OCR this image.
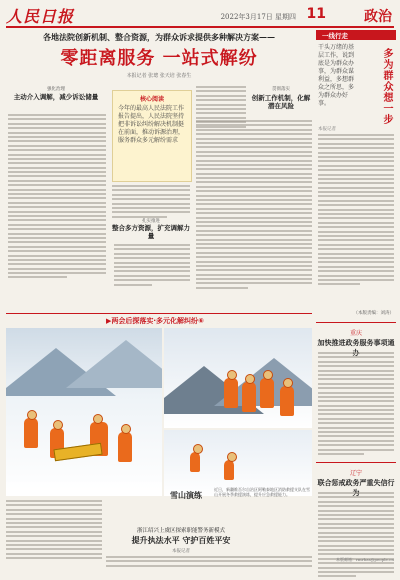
人民日报	2022年3月17日 星期四 11	政治
各地法院创新机制、整合资源，为群众诉求提供多种解决方案——
零距离服务 一站式解纷
本报记者 张璁 张天培 张春生
强化治理
主动介入调解，减少诉讼储量	核心阅读
今年的最高人民法院工作报告提出，人民法院坚持把非诉讼纠纷解决机制挺在前面，推动诉源治理，服务群众多元解纷需求
扎实推进
整合多方资源，扩充调解力量
贯彻落实
创新工作机制，化解潜在风险
▶两会后探落实·多元化解纠纷⑥
雪山演练
近日，新疆维吾尔自治区阿勒泰地区消防救援支队在雪山开展冬季救援演练，提升应急救援能力。
浙江绍兴上虞区探索职能警务新模式
提升执法水平 守护百姓平安
本报记者
一线行走
干头万绪的基层工作，说到底是为群众办事，为群众谋利益，多想群众之所思，多为群众办好事。	多为群众想一步
本报记者
（本版责编：刘涛）
重庆
加快推进政务服务事项通
辽宁
联合惩戒政务严重失信行
本版邮箱：rmrbzz@people.cn
